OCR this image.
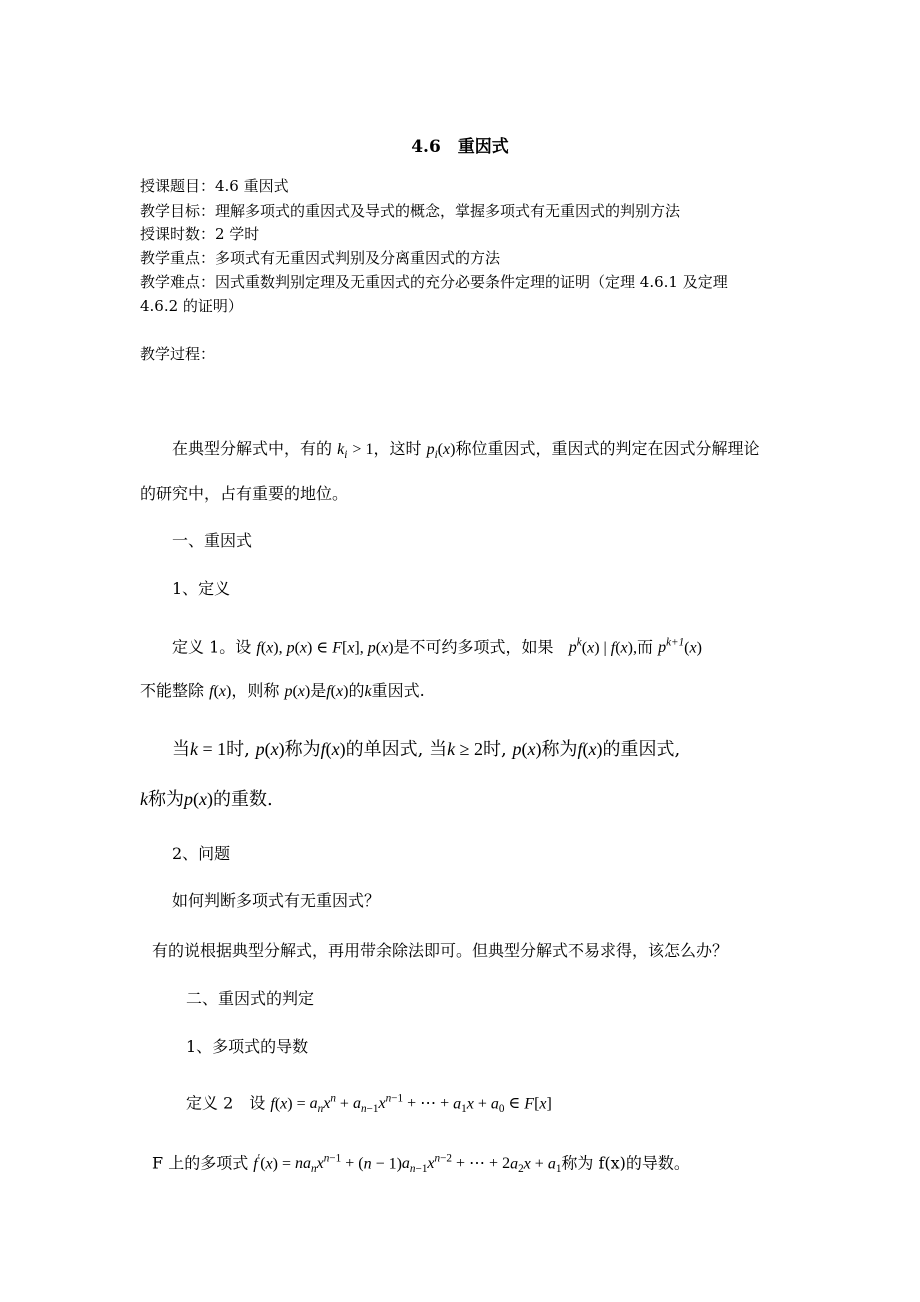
4.6　重因式
授课题目：4.6 重因式
教学目标：理解多项式的重因式及导式的概念，掌握多项式有无重因式的判别方法
授课时数：2 学时
教学重点：多项式有无重因式判别及分离重因式的方法
教学难点：因式重数判别定理及无重因式的充分必要条件定理的证明（定理 4.6.1 及定理
4.6.2 的证明）
教学过程：
在典型分解式中，有的 $k_i > 1$，这时 $p_i(x)$称位重因式，重因式的判定在因式分解理论
的研究中，占有重要的地位。
一、重因式
1、定义
定义 1。设 f(x), p(x) ∈ F[x], p(x)是不可约多项式，如果 $p^k(x)$ | f(x),而 $p^{k+1}(x)$
不能整除 f(x)，则称 p(x)是f(x)的k重因式.
当k = 1时, p(x)称为f(x)的单因式, 当k ≥ 2时, p(x)称为f(x)的重因式,
k称为p(x)的重数.
2、问题
如何判断多项式有无重因式？
有的说根据典型分解式，再用带余除法即可。但典型分解式不易求得，该怎么办？
二、重因式的判定
1、多项式的导数
定义 2　设 $f(x) = a_nx^n + a_{n-1}x^{n-1}$ + ⋯ + $a_1x + a_0$ ∈ F[x]
F 上的多项式 $f'(x) = na_nx^{n-1} + (n - 1)a_{n-1}x^{n-2}$ + ⋯ + $2a_2x + a_1$称为 f(x)的导数。
